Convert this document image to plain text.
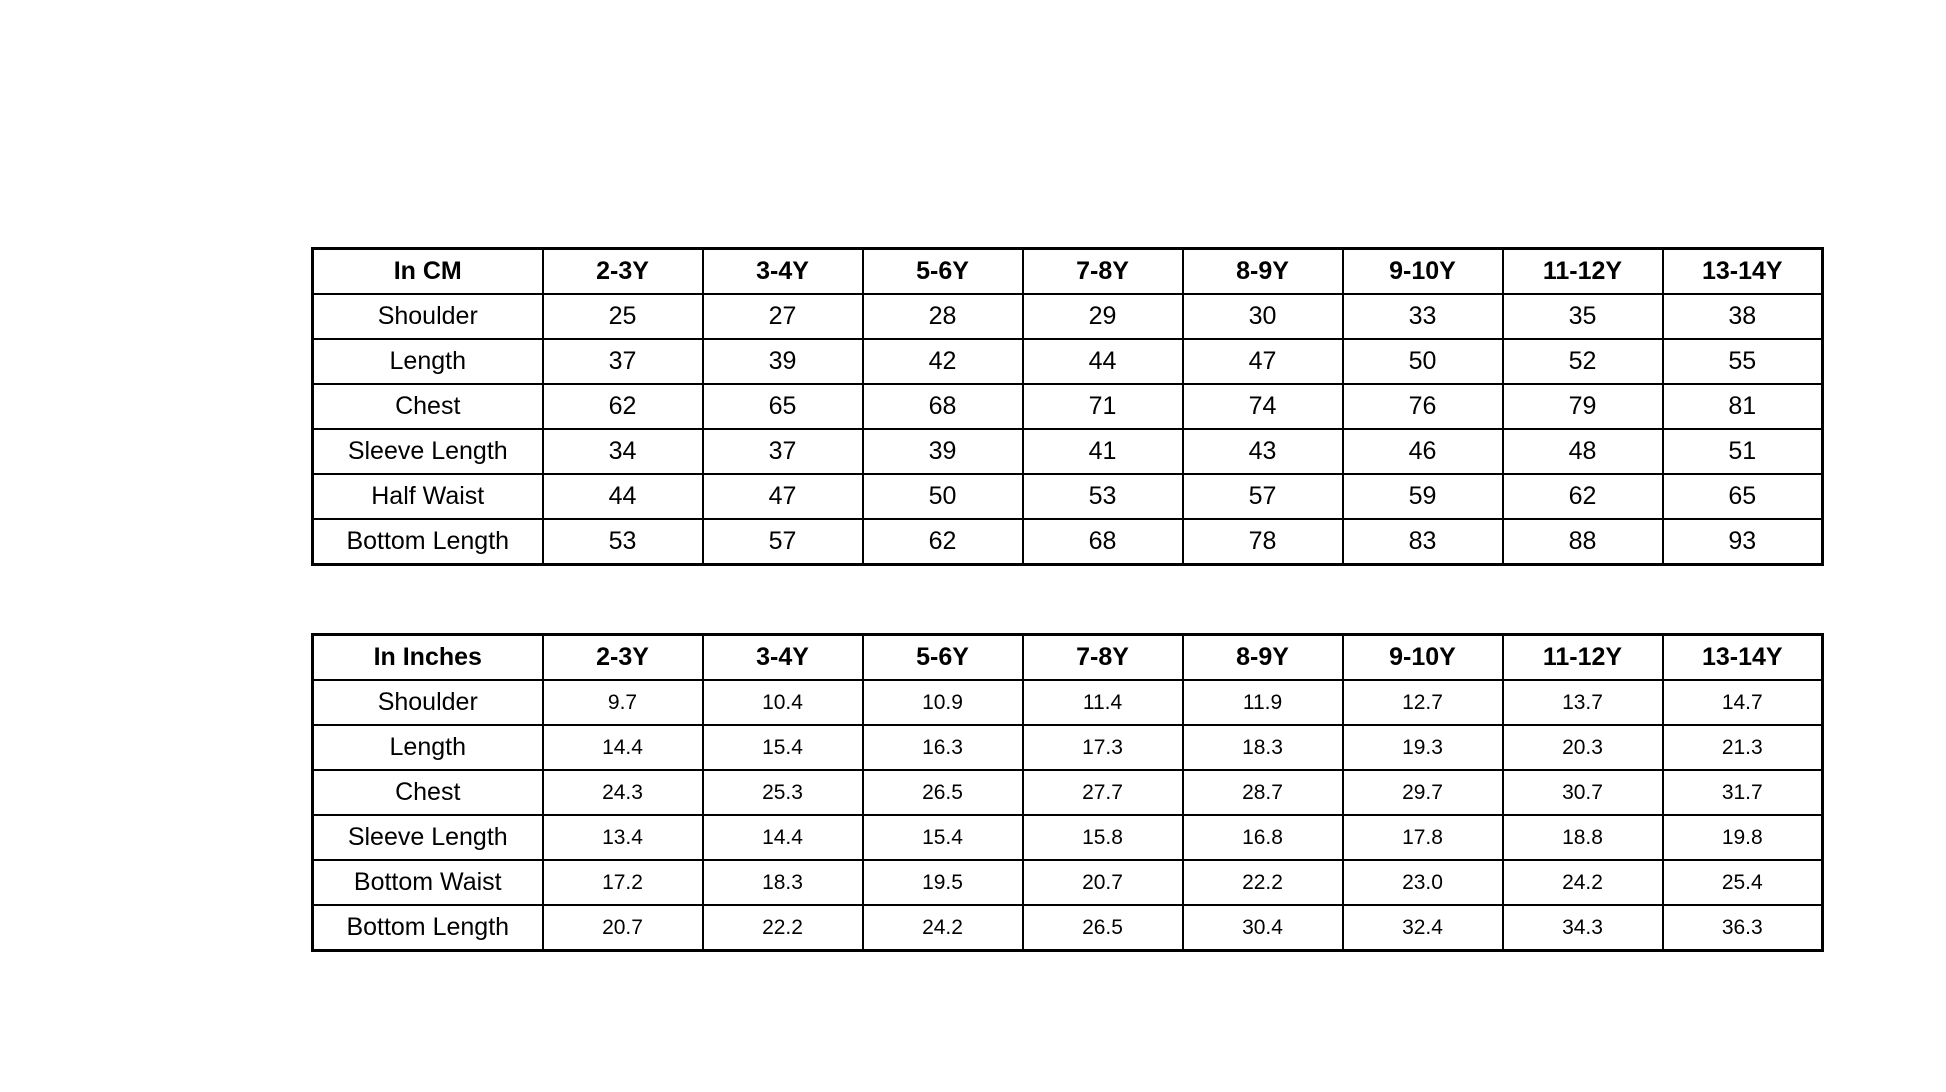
In CM	2-3Y	3-4Y	5-6Y	7-8Y	8-9Y	9-10Y	11-12Y	13-14Y
Shoulder	25	27	28	29	30	33	35	38
Length	37	39	42	44	47	50	52	55
Chest	62	65	68	71	74	76	79	81
Sleeve Length	34	37	39	41	43	46	48	51
Half Waist	44	47	50	53	57	59	62	65
Bottom Length	53	57	62	68	78	83	88	93
In Inches	2-3Y	3-4Y	5-6Y	7-8Y	8-9Y	9-10Y	11-12Y	13-14Y
Shoulder	9.7	10.4	10.9	11.4	11.9	12.7	13.7	14.7
Length	14.4	15.4	16.3	17.3	18.3	19.3	20.3	21.3
Chest	24.3	25.3	26.5	27.7	28.7	29.7	30.7	31.7
Sleeve Length	13.4	14.4	15.4	15.8	16.8	17.8	18.8	19.8
Bottom Waist	17.2	18.3	19.5	20.7	22.2	23.0	24.2	25.4
Bottom Length	20.7	22.2	24.2	26.5	30.4	32.4	34.3	36.3
